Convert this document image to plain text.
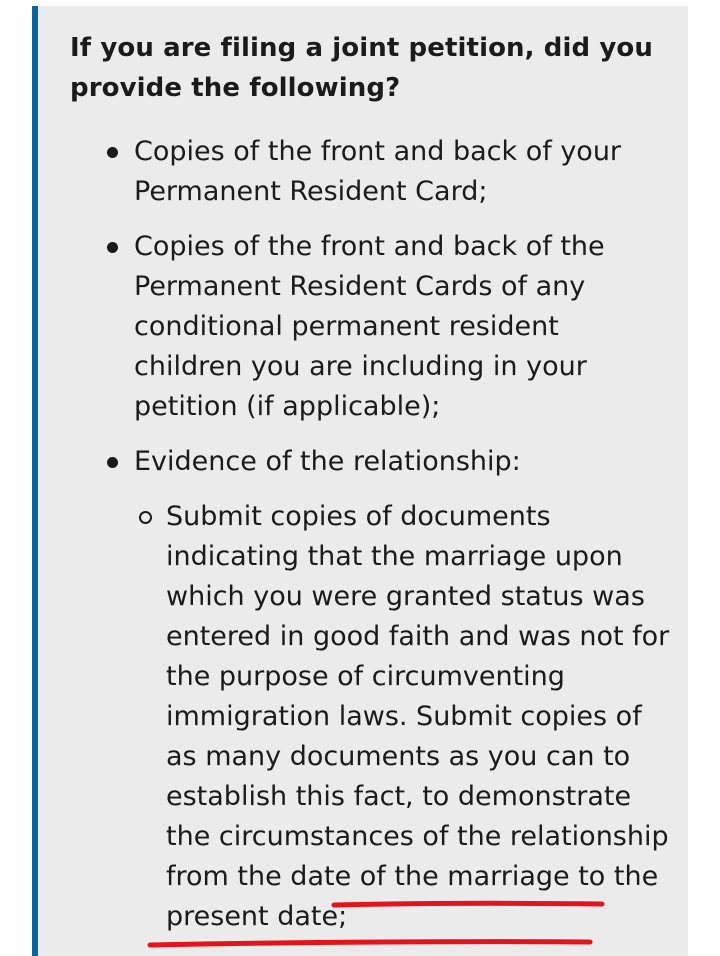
If you are filing a joint petition, did you provide the following?
Copies of the front and back of your Permanent Resident Card;
Copies of the front and back of the Permanent Resident Cards of any conditional permanent resident children you are including in your petition (if applicable);
Evidence of the relationship:
Submit copies of documents indicating that the marriage upon which you were granted status was entered in good faith and was not for the purpose of circumventing immigration laws. Submit copies of as many documents as you can to establish this fact, to demonstrate the circumstances of the relationship from the date of the marriage to the present date;
